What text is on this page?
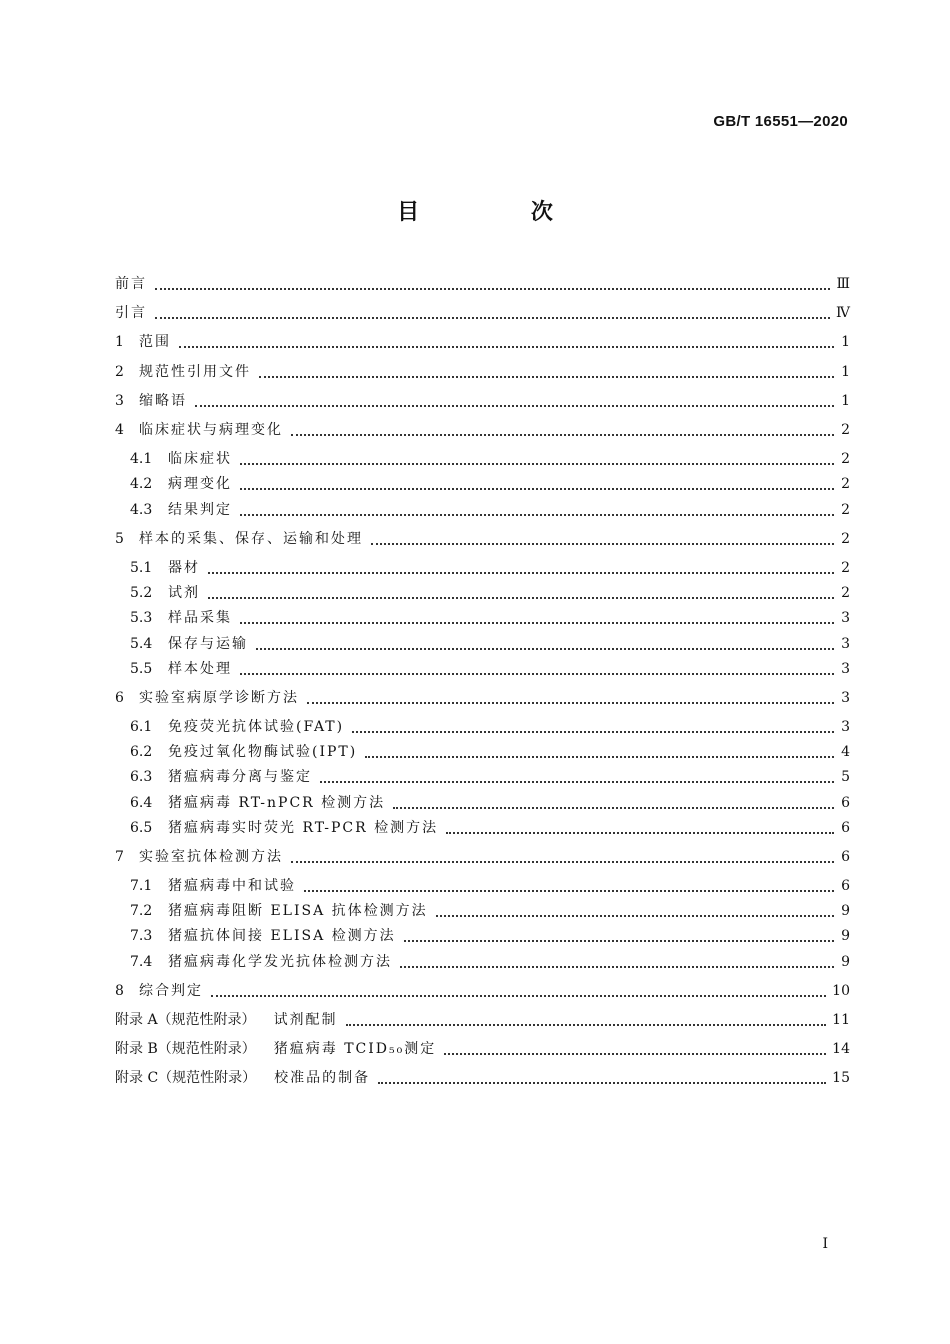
GB/T 16551—2020
目 次
前言	Ⅲ
引言	Ⅳ
1	范围	1
2	规范性引用文件	1
3	缩略语	1
4	临床症状与病理变化	2
4.1	临床症状	2
4.2	病理变化	2
4.3	结果判定	2
5	样本的采集、保存、运输和处理	2
5.1	器材	2
5.2	试剂	2
5.3	样品采集	3
5.4	保存与运输	3
5.5	样本处理	3
6	实验室病原学诊断方法	3
6.1	免疫荧光抗体试验(FAT)	3
6.2	免疫过氧化物酶试验(IPT)	4
6.3	猪瘟病毒分离与鉴定	5
6.4	猪瘟病毒 RT-nPCR 检测方法	6
6.5	猪瘟病毒实时荧光 RT-PCR 检测方法	6
7	实验室抗体检测方法	6
7.1	猪瘟病毒中和试验	6
7.2	猪瘟病毒阻断 ELISA 抗体检测方法	9
7.3	猪瘟抗体间接 ELISA 检测方法	9
7.4	猪瘟病毒化学发光抗体检测方法	9
8	综合判定	10
附录 A（规范性附录） 试剂配制	11
附录 B（规范性附录） 猪瘟病毒 TCID₅₀测定	14
附录 C（规范性附录） 校准品的制备	15
I
